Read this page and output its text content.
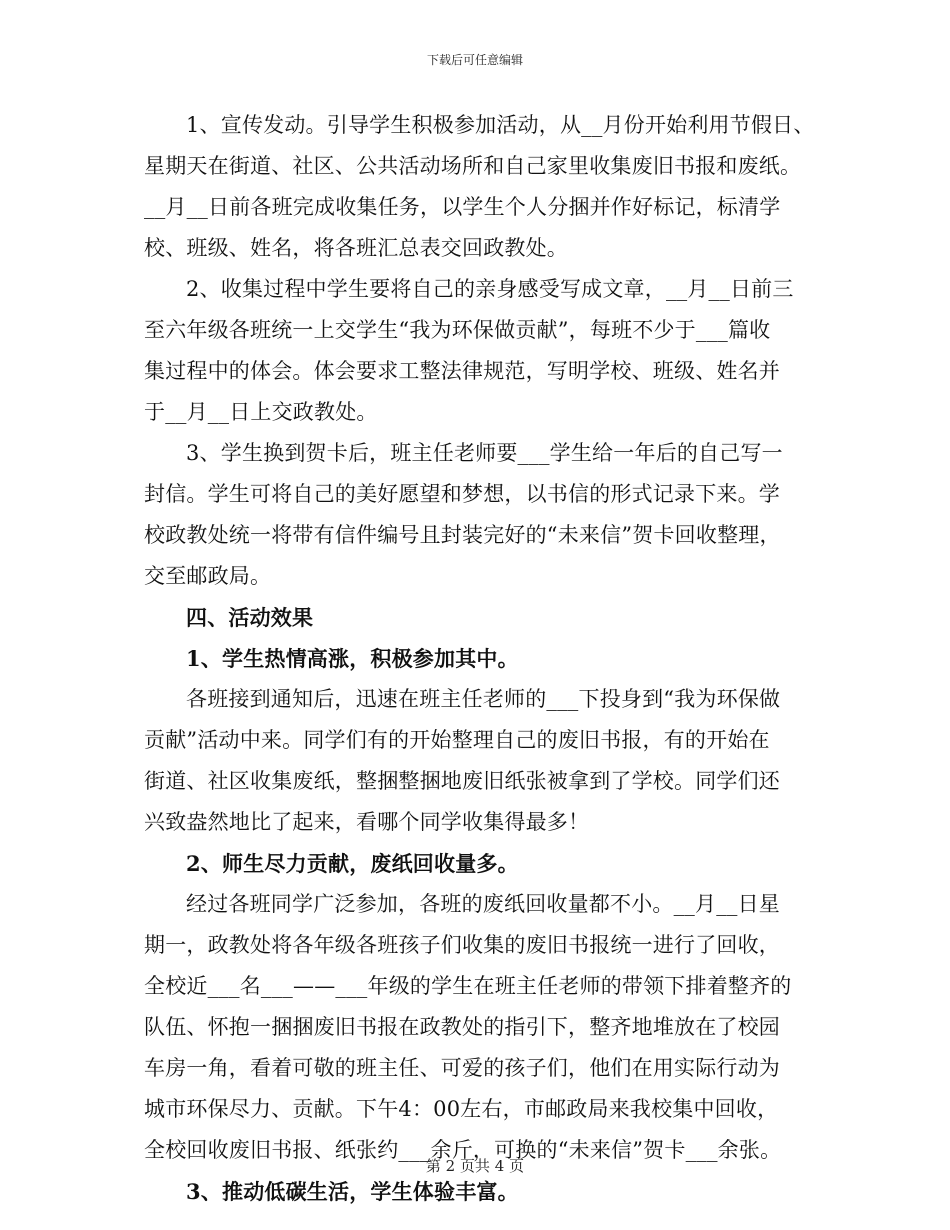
下载后可任意编辑
1、宣传发动。引导学生积极参加活动，从__月份开始利用节假日、
星期天在街道、社区、公共活动场所和自己家里收集废旧书报和废纸。
__月__日前各班完成收集任务，以学生个人分捆并作好标记，标清学
校、班级、姓名，将各班汇总表交回政教处。
2、收集过程中学生要将自己的亲身感受写成文章，__月__日前三
至六年级各班统一上交学生“我为环保做贡献”，每班不少于___篇收
集过程中的体会。体会要求工整法律规范，写明学校、班级、姓名并
于__月__日上交政教处。
3、学生换到贺卡后，班主任老师要___学生给一年后的自己写一
封信。学生可将自己的美好愿望和梦想，以书信的形式记录下来。学
校政教处统一将带有信件编号且封装完好的“未来信”贺卡回收整理，
交至邮政局。
四、活动效果
1、学生热情高涨，积极参加其中。
各班接到通知后，迅速在班主任老师的___下投身到“我为环保做
贡献”活动中来。同学们有的开始整理自己的废旧书报，有的开始在
街道、社区收集废纸，整捆整捆地废旧纸张被拿到了学校。同学们还
兴致盎然地比了起来，看哪个同学收集得最多！
2、师生尽力贡献，废纸回收量多。
经过各班同学广泛参加，各班的废纸回收量都不小。__月__日星
期一，政教处将各年级各班孩子们收集的废旧书报统一进行了回收，
全校近___名___——___年级的学生在班主任老师的带领下排着整齐的
队伍、怀抱一捆捆废旧书报在政教处的指引下，整齐地堆放在了校园
车房一角，看着可敬的班主任、可爱的孩子们，他们在用实际行动为
城市环保尽力、贡献。下午4：00左右，市邮政局来我校集中回收，
全校回收废旧书报、纸张约___余斤，可换的“未来信”贺卡___余张。
3、推动低碳生活，学生体验丰富。
第 2 页共 4 页
